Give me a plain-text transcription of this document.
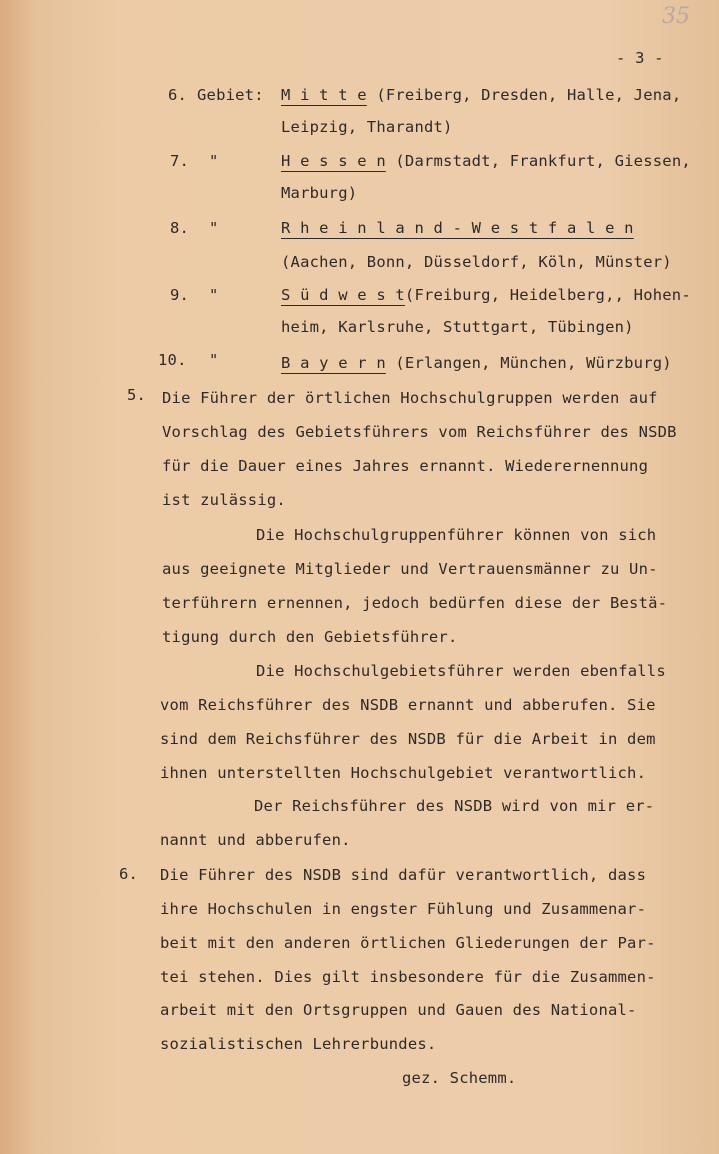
35
- 3 -
6. Gebiet: M i t t e (Freiberg, Dresden, Halle, Jena,
Leipzig, Tharandt)
7. "	H e s s e n (Darmstadt, Frankfurt, Giessen,
Marburg)
8. "	R h e i n l a n d - W e s t f a l e n
(Aachen, Bonn, Düsseldorf, Köln, Münster)
9. "	S ü d w e s t(Freiburg, Heidelberg,, Hohen-
heim, Karlsruhe, Stuttgart, Tübingen)
10. "	B a y e r n (Erlangen, München, Würzburg)
5. Die Führer der örtlichen Hochschulgruppen werden auf
Vorschlag des Gebietsführers vom Reichsführer des NSDB
für die Dauer eines Jahres ernannt. Wiederernennung
ist zulässig.
Die Hochschulgruppenführer können von sich
aus geeignete Mitglieder und Vertrauensmänner zu Un-
terführern ernennen, jedoch bedürfen diese der Bestä-
tigung durch den Gebietsführer.
Die Hochschulgebietsführer werden ebenfalls
vom Reichsführer des NSDB ernannt und abberufen. Sie
sind dem Reichsführer des NSDB für die Arbeit in dem
ihnen unterstellten Hochschulgebiet verantwortlich.
Der Reichsführer des NSDB wird von mir er-
nannt und abberufen.
6. Die Führer des NSDB sind dafür verantwortlich, dass
ihre Hochschulen in engster Fühlung und Zusammenar-
beit mit den anderen örtlichen Gliederungen der Par-
tei stehen. Dies gilt insbesondere für die Zusammen-
arbeit mit den Ortsgruppen und Gauen des National-
sozialistischen Lehrerbundes.
gez. Schemm.
